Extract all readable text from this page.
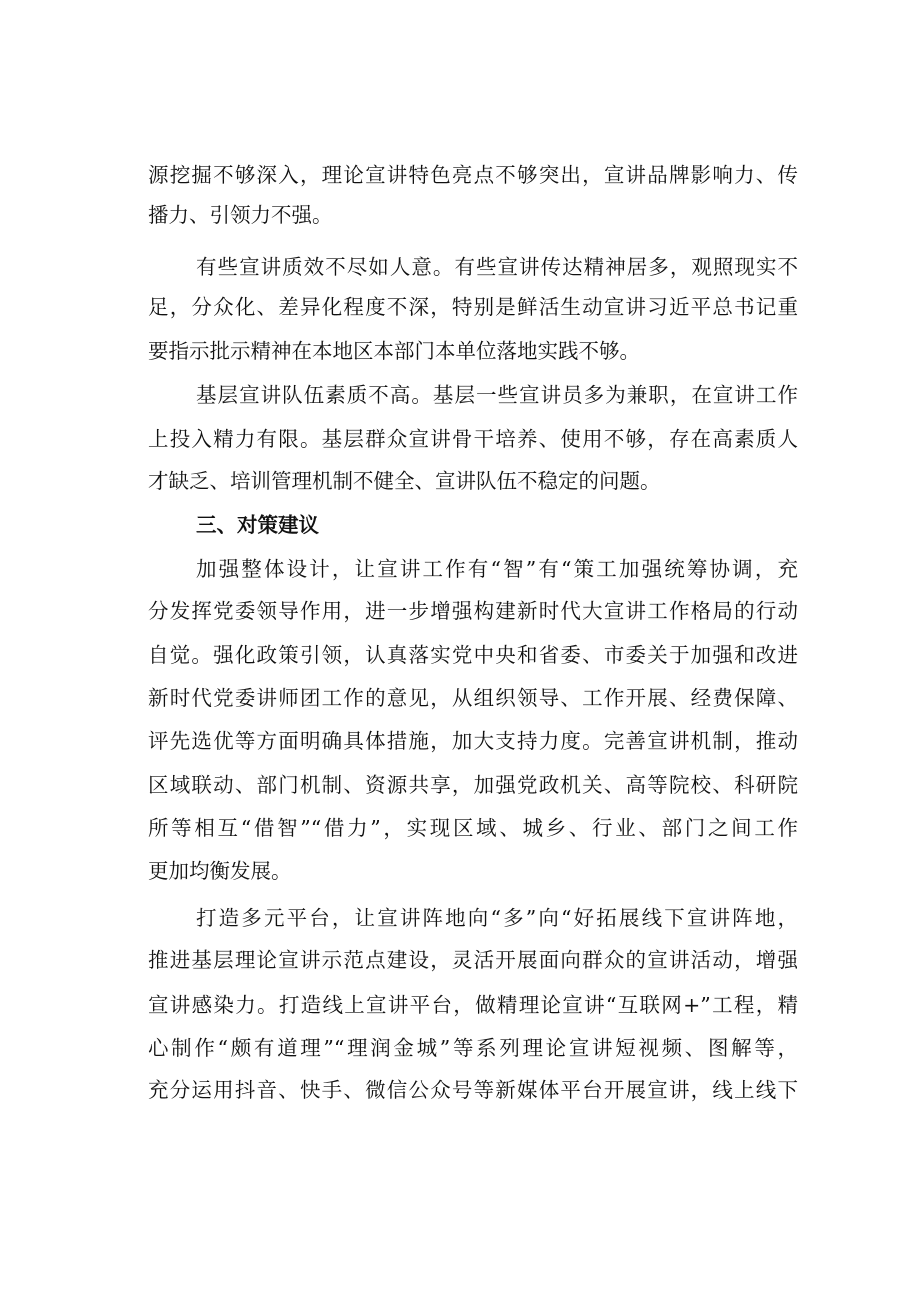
源挖掘不够深入，理论宣讲特色亮点不够突出，宣讲品牌影响力、传
播力、引领力不强。
有些宣讲质效不尽如人意。有些宣讲传达精神居多，观照现实不
足，分众化、差异化程度不深，特别是鲜活生动宣讲习近平总书记重
要指示批示精神在本地区本部门本单位落地实践不够。
基层宣讲队伍素质不高。基层一些宣讲员多为兼职，在宣讲工作
上投入精力有限。基层群众宣讲骨干培养、使用不够，存在高素质人
才缺乏、培训管理机制不健全、宣讲队伍不稳定的问题。
三、对策建议
加强整体设计，让宣讲工作有“智”有“策工加强统筹协调，充
分发挥党委领导作用，进一步增强构建新时代大宣讲工作格局的行动
自觉。强化政策引领，认真落实党中央和省委、市委关于加强和改进
新时代党委讲师团工作的意见，从组织领导、工作开展、经费保障、
评先选优等方面明确具体措施，加大支持力度。完善宣讲机制，推动
区域联动、部门机制、资源共享，加强党政机关、高等院校、科研院
所等相互“借智”“借力”，实现区域、城乡、行业、部门之间工作
更加均衡发展。
打造多元平台，让宣讲阵地向“多”向“好拓展线下宣讲阵地，
推进基层理论宣讲示范点建设，灵活开展面向群众的宣讲活动，增强
宣讲感染力。打造线上宣讲平台，做精理论宣讲“互联网+”工程，精
心制作“颇有道理”“理润金城”等系列理论宣讲短视频、图解等，
充分运用抖音、快手、微信公众号等新媒体平台开展宣讲，线上线下
